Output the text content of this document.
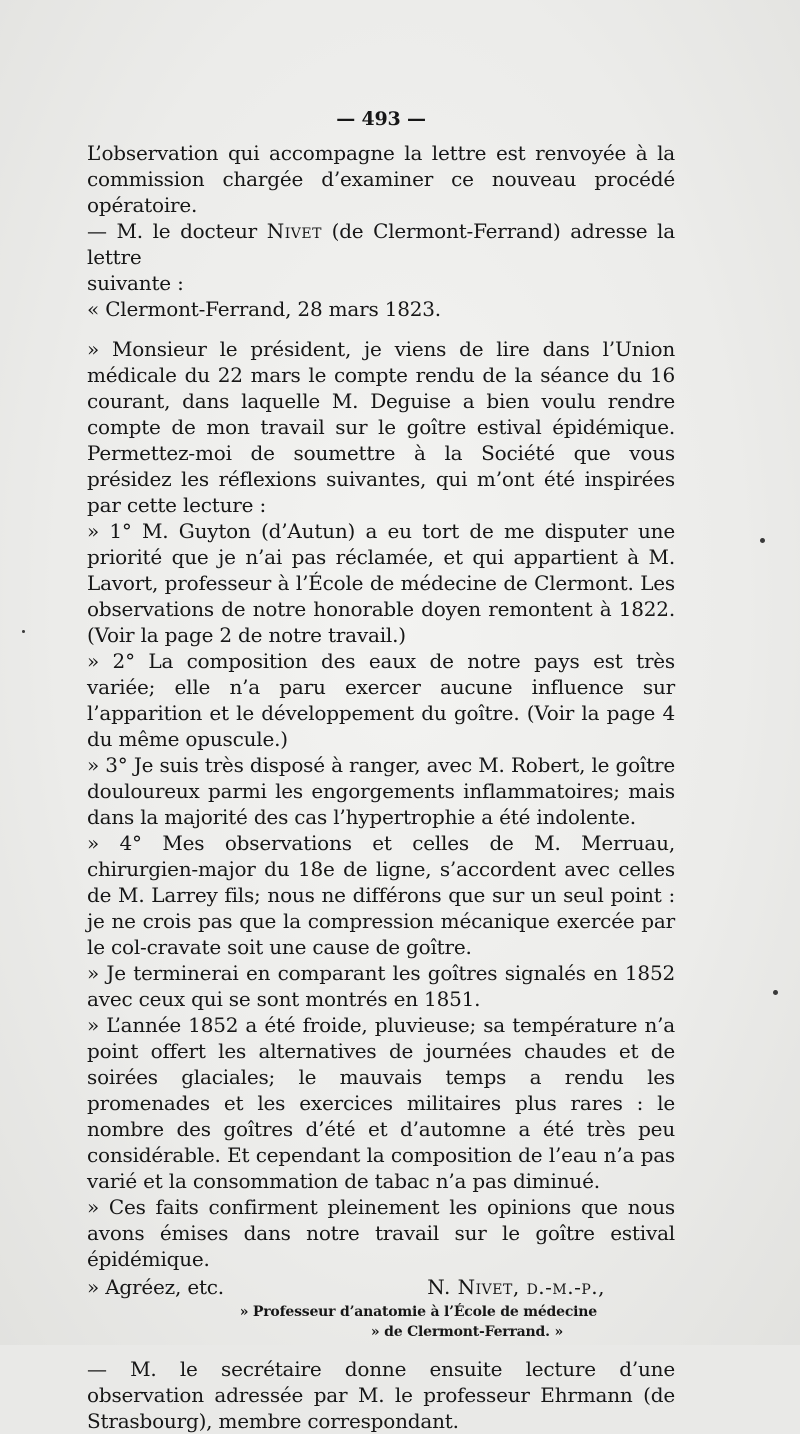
— 493 —

L’observation qui accompagne la lettre est renvoyée à la commission chargée d’examiner ce nouveau procédé opératoire.

— M. le docteur Nivet (de Clermont-Ferrand) adresse la lettre

suivante :

« Clermont-Ferrand, 28 mars 1823.

» Monsieur le président, je viens de lire dans l’Union médicale du 22 mars le compte rendu de la séance du 16 courant, dans laquelle M. Deguise a bien voulu rendre compte de mon travail sur le goître estival épidémique. Permettez-moi de soumettre à la Société que vous présidez les réflexions suivantes, qui m’ont été inspirées par cette lecture :

» 1° M. Guyton (d’Autun) a eu tort de me disputer une priorité que je n’ai pas réclamée, et qui appartient à M. Lavort, professeur à l’École de médecine de Clermont. Les observations de notre honorable doyen remontent à 1822. (Voir la page 2 de notre travail.)

» 2° La composition des eaux de notre pays est très variée; elle n’a paru exercer aucune influence sur l’apparition et le développement du goître. (Voir la page 4 du même opuscule.)

» 3° Je suis très disposé à ranger, avec M. Robert, le goître douloureux parmi les engorgements inflammatoires; mais dans la majorité des cas l’hypertrophie a été indolente.

» 4° Mes observations et celles de M. Merruau, chirurgien-major du 18e de ligne, s’accordent avec celles de M. Larrey fils; nous ne différons que sur un seul point : je ne crois pas que la compression mécanique exercée par le col-cravate soit une cause de goître.

» Je terminerai en comparant les goîtres signalés en 1852 avec ceux qui se sont montrés en 1851.

» L’année 1852 a été froide, pluvieuse; sa température n’a point offert les alternatives de journées chaudes et de soirées glaciales; le mauvais temps a rendu les promenades et les exercices militaires plus rares : le nombre des goîtres d’été et d’automne a été très peu considérable. Et cependant la composition de l’eau n’a pas varié et la consommation de tabac n’a pas diminué.

» Ces faits confirment pleinement les opinions que nous avons émises dans notre travail sur le goître estival épidémique.

» Agréez, etc.	N. Nivet, d.-m.-p.,
» Professeur d’anatomie à l’École de médecine
» de Clermont-Ferrand. »

— M. le secrétaire donne ensuite lecture d’une observation adressée par M. le professeur Ehrmann (de Strasbourg), membre correspondant.
